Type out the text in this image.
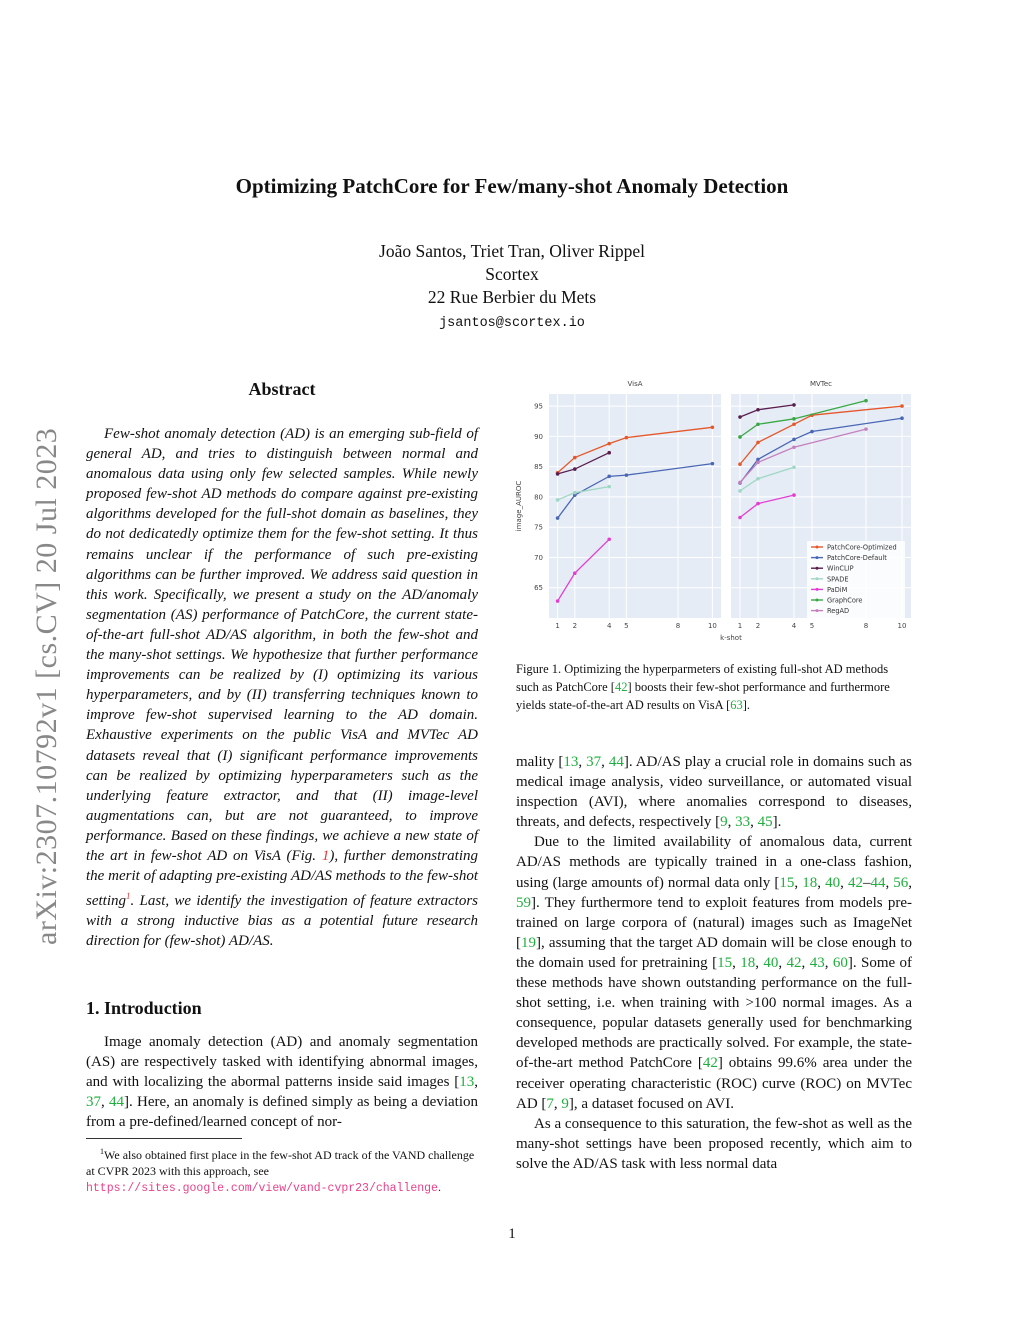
Optimizing PatchCore for Few/many-shot Anomaly Detection
João Santos, Triet Tran, Oliver Rippel
Scortex
22 Rue Berbier du Mets
jsantos@scortex.io
arXiv:2307.10792v1 [cs.CV] 20 Jul 2023
Abstract

Few-shot anomaly detection (AD) is an emerging sub-field of general AD, and tries to distinguish between normal and anomalous data using only few selected samples. While newly proposed few-shot AD methods do compare against pre-existing algorithms developed for the full-shot domain as baselines, they do not dedicatedly optimize them for the few-shot setting. It thus remains unclear if the performance of such pre-existing algorithms can be further improved. We address said question in this work. Specifically, we present a study on the AD/anomaly segmentation (AS) performance of PatchCore, the current state-of-the-art full-shot AD/AS algorithm, in both the few-shot and the many-shot settings. We hypothesize that further performance improvements can be realized by (I) optimizing its various hyperparameters, and by (II) transferring techniques known to improve few-shot supervised learning to the AD domain. Exhaustive experiments on the public VisA and MVTec AD datasets reveal that (I) significant performance improvements can be realized by optimizing hyperparameters such as the underlying feature extractor, and that (II) image-level augmentations can, but are not guaranteed, to improve performance. Based on these findings, we achieve a new state of the art in few-shot AD on VisA (Fig. 1), further demonstrating the merit of adapting pre-existing AD/AS methods to the few-shot setting$^1$. Last, we identify the investigation of feature extractors with a strong inductive bias as a potential future research direction for (few-shot) AD/AS.

1. Introduction

Image anomaly detection (AD) and anomaly segmentation (AS) are respectively tasked with identifying abnormal images, and with localizing the abormal patterns inside said images [13, 37, 44]. Here, an anomaly is defined simply as being a deviation from a pre-defined/learned concept of nor-

$^1$We also obtained first place in the few-shot AD track of the VAND challenge at CVPR 2023 with this approach, see https://sites.google.com/view/vand-cvpr23/challenge.

image_AUROC
VisA
65
70
75
80
85
90
95
1 2	4 5	8	10
MVTec
1 2	4 5	8	10
k-shot
PatchCore-Optimized
PatchCore-Default
WinCLIP
SPADE
PaDiM
GraphCore
RegAD

Figure 1. Optimizing the hyperparmeters of existing full-shot AD methods such as PatchCore [42] boosts their few-shot performance and furthermore yields state-of-the-art AD results on VisA [63].

mality [13, 37, 44]. AD/AS play a crucial role in domains such as medical image analysis, video surveillance, or automated visual inspection (AVI), where anomalies correspond to diseases, threats, and defects, respectively [9, 33, 45].

Due to the limited availability of anomalous data, current AD/AS methods are typically trained in a one-class fashion, using (large amounts of) normal data only [15, 18, 40, 42–44, 56, 59]. They furthermore tend to exploit features from models pre-trained on large corpora of (natural) images such as ImageNet [19], assuming that the target AD domain will be close enough to the domain used for pretraining [15, 18, 40, 42, 43, 60]. Some of these methods have shown outstanding performance on the full-shot setting, i.e. when training with >100 normal images. As a consequence, popular datasets generally used for benchmarking developed methods are practically solved. For example, the state-of-the-art method PatchCore [42] obtains 99.6% area under the receiver operating characteristic (ROC) curve (ROC) on MVTec AD [7, 9], a dataset focused on AVI.

As a consequence to this saturation, the few-shot as well as the many-shot settings have been proposed recently, which aim to solve the AD/AS task with less normal data

1
